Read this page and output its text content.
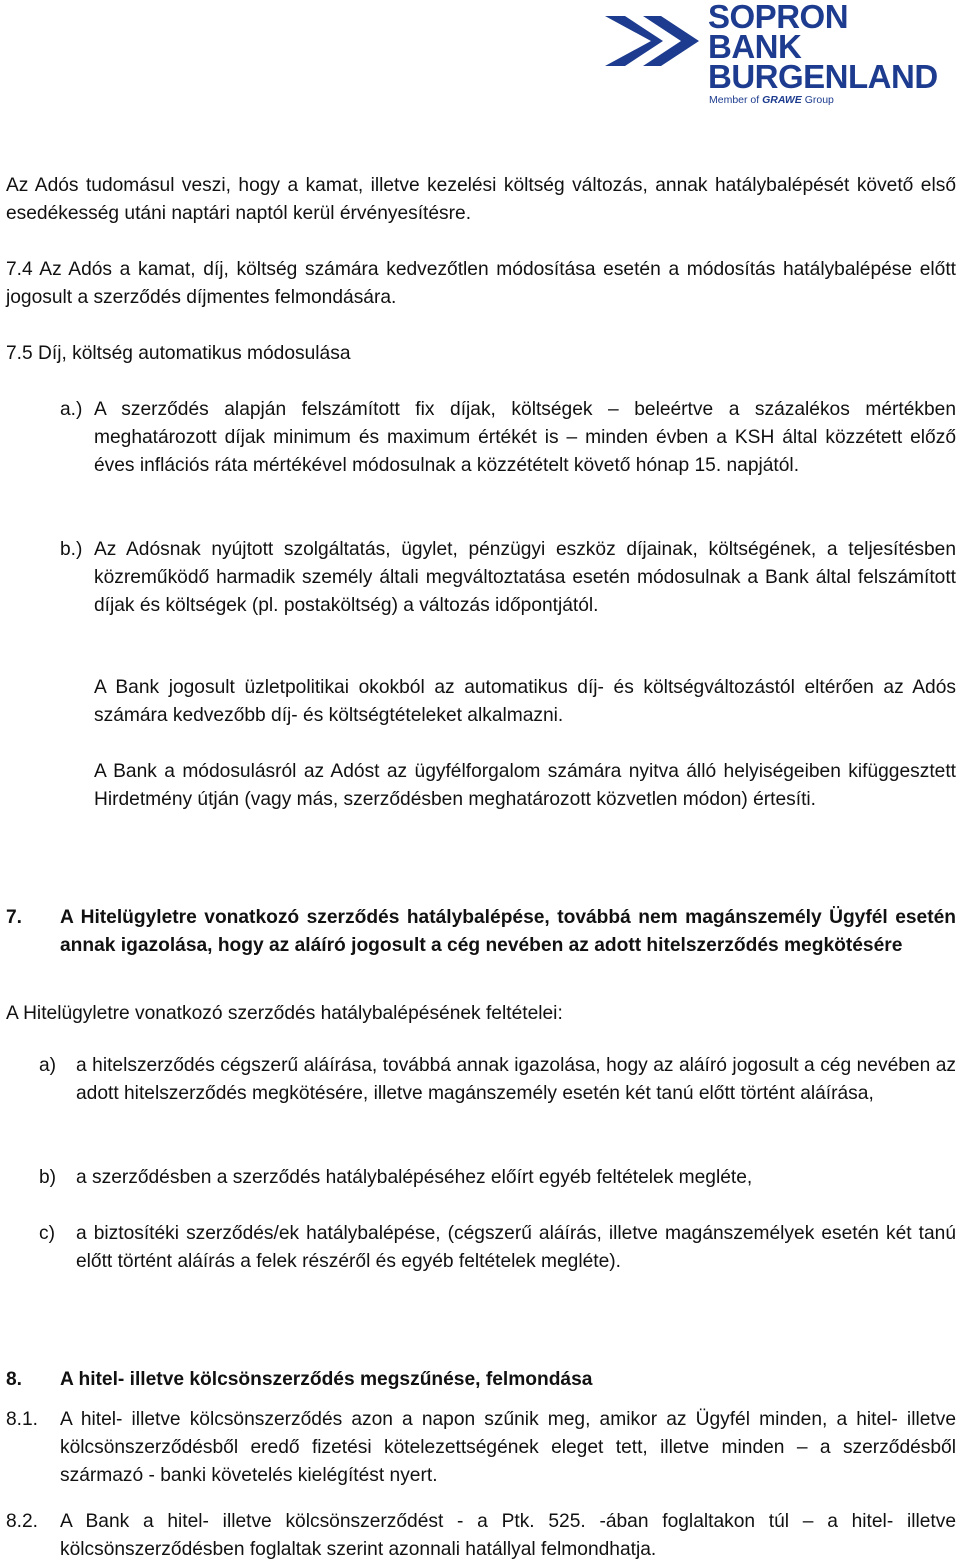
SOPRON
BANK
BURGENLAND
Member of GRAWE Group

Az Adós tudomásul veszi, hogy a kamat, illetve kezelési költség változás, annak hatálybalépését követő első esedékesség utáni naptári naptól kerül érvényesítésre.

7.4 Az Adós a kamat, díj, költség számára kedvezőtlen módosítása esetén a módosítás hatálybalépése előtt jogosult a szerződés díjmentes felmondására.

7.5 Díj, költség automatikus módosulása

a.) A szerződés alapján felszámított fix díjak, költségek – beleértve a százalékos mértékben meghatározott díjak minimum és maximum értékét is – minden évben a KSH által közzétett előző éves inflációs ráta mértékével módosulnak a közzétételt követő hónap 15. napjától.

b.) Az Adósnak nyújtott szolgáltatás, ügylet, pénzügyi eszköz díjainak, költségének, a teljesítésben közreműködő harmadik személy általi megváltoztatása esetén módosulnak a Bank által felszámított díjak és költségek (pl. postaköltség) a változás időpontjától.

A Bank jogosult üzletpolitikai okokból az automatikus díj- és költségváltozástól eltérően az Adós számára kedvezőbb díj- és költségtételeket alkalmazni.

A Bank a módosulásról az Adóst az ügyfélforgalom számára nyitva álló helyiségeiben kifüggesztett Hirdetmény útján (vagy más, szerződésben meghatározott közvetlen módon) értesíti.

7. A Hitelügyletre vonatkozó szerződés hatálybalépése, továbbá nem magánszemély Ügyfél esetén annak igazolása, hogy az aláíró jogosult a cég nevében az adott hitelszerződés megkötésére

A Hitelügyletre vonatkozó szerződés hatálybalépésének feltételei:

a) a hitelszerződés cégszerű aláírása, továbbá annak igazolása, hogy az aláíró jogosult a cég nevében az adott hitelszerződés megkötésére, illetve magánszemély esetén két tanú előtt történt aláírása,

b) a szerződésben a szerződés hatálybalépéséhez előírt egyéb feltételek megléte,

c) a biztosítéki szerződés/ek hatálybalépése, (cégszerű aláírás, illetve magánszemélyek esetén két tanú előtt történt aláírás a felek részéről és egyéb feltételek megléte).

8. A hitel- illetve kölcsönszerződés megszűnése, felmondása

8.1. A hitel- illetve kölcsönszerződés azon a napon szűnik meg, amikor az Ügyfél minden, a hitel- illetve kölcsönszerződésből eredő fizetési kötelezettségének eleget tett, illetve minden – a szerződésből származó - banki követelés kielégítést nyert.

8.2. A Bank a hitel- illetve kölcsönszerződést - a Ptk. 525. -ában foglaltakon túl – a hitel- illetve kölcsönszerződésben foglaltak szerint azonnali hatállyal felmondhatja.
